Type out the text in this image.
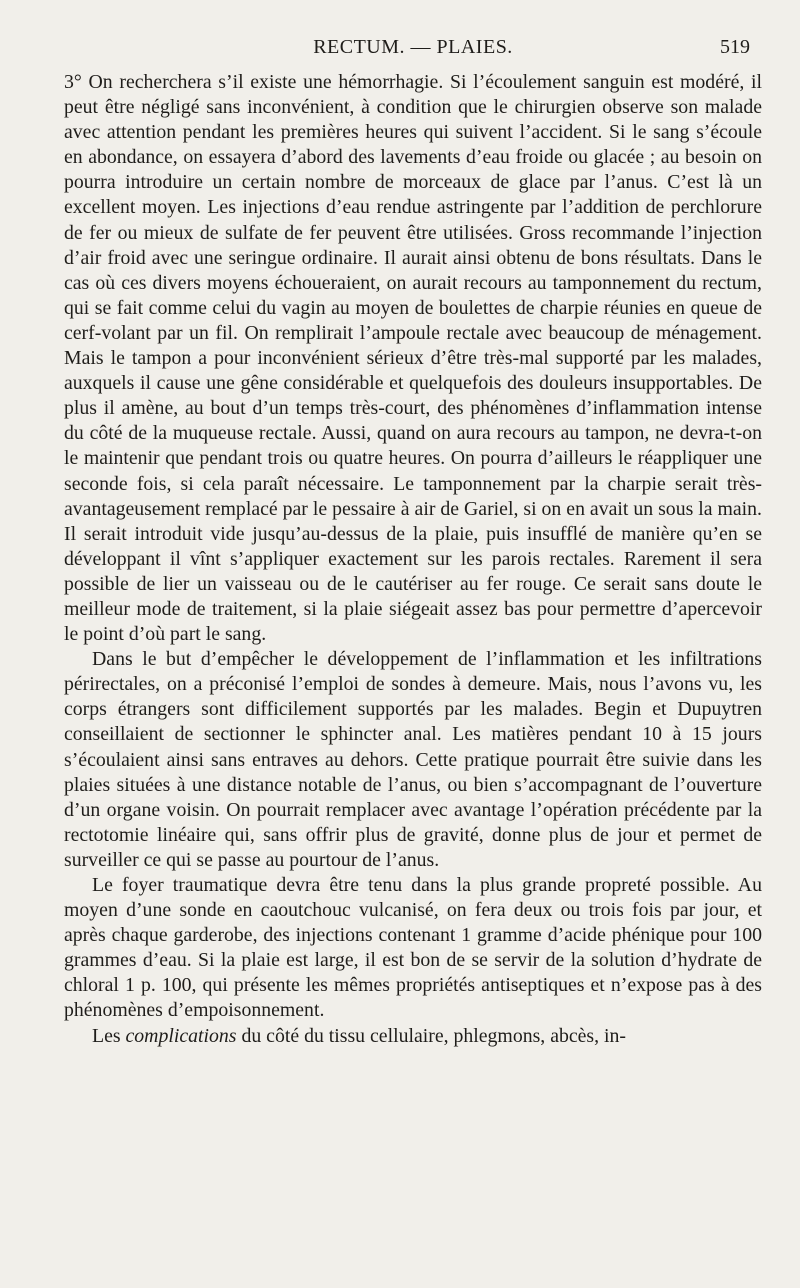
RECTUM. — PLAIES.	519

3° On recherchera s’il existe une hémorrhagie. Si l’écoulement sanguin est modéré, il peut être négligé sans inconvénient, à condition que le chirurgien observe son malade avec attention pendant les premières heures qui suivent l’accident. Si le sang s’écoule en abondance, on essayera d’abord des lavements d’eau froide ou glacée ; au besoin on pourra introduire un certain nombre de morceaux de glace par l’anus. C’est là un excellent moyen. Les injections d’eau rendue astringente par l’addition de perchlorure de fer ou mieux de sulfate de fer peuvent être utilisées. Gross recommande l’injection d’air froid avec une seringue ordinaire. Il aurait ainsi obtenu de bons résultats. Dans le cas où ces divers moyens échoueraient, on aurait recours au tamponnement du rectum, qui se fait comme celui du vagin au moyen de boulettes de charpie réunies en queue de cerf-volant par un fil. On remplirait l’ampoule rectale avec beaucoup de ménagement. Mais le tampon a pour inconvénient sérieux d’être très-mal supporté par les malades, auxquels il cause une gêne considérable et quelquefois des douleurs insupportables. De plus il amène, au bout d’un temps très-court, des phénomènes d’inflammation intense du côté de la muqueuse rectale. Aussi, quand on aura recours au tampon, ne devra-t-on le maintenir que pendant trois ou quatre heures. On pourra d’ailleurs le réappliquer une seconde fois, si cela paraît nécessaire. Le tamponnement par la charpie serait très-avantageusement remplacé par le pessaire à air de Gariel, si on en avait un sous la main. Il serait introduit vide jusqu’au-dessus de la plaie, puis insufflé de manière qu’en se développant il vînt s’appliquer exactement sur les parois rectales. Rarement il sera possible de lier un vaisseau ou de le cautériser au fer rouge. Ce serait sans doute le meilleur mode de traitement, si la plaie siégeait assez bas pour permettre d’apercevoir le point d’où part le sang.

Dans le but d’empêcher le développement de l’inflammation et les infiltrations périrectales, on a préconisé l’emploi de sondes à demeure. Mais, nous l’avons vu, les corps étrangers sont difficilement supportés par les malades. Begin et Dupuytren conseillaient de sectionner le sphincter anal. Les matières pendant 10 à 15 jours s’écoulaient ainsi sans entraves au dehors. Cette pratique pourrait être suivie dans les plaies situées à une distance notable de l’anus, ou bien s’accompagnant de l’ouverture d’un organe voisin. On pourrait remplacer avec avantage l’opération précédente par la rectotomie linéaire qui, sans offrir plus de gravité, donne plus de jour et permet de surveiller ce qui se passe au pourtour de l’anus.

Le foyer traumatique devra être tenu dans la plus grande propreté possible. Au moyen d’une sonde en caoutchouc vulcanisé, on fera deux ou trois fois par jour, et après chaque garderobe, des injections contenant 1 gramme d’acide phénique pour 100 grammes d’eau. Si la plaie est large, il est bon de se servir de la solution d’hydrate de chloral 1 p. 100, qui présente les mêmes propriétés antiseptiques et n’expose pas à des phénomènes d’empoisonnement.

Les complications du côté du tissu cellulaire, phlegmons, abcès, in-
